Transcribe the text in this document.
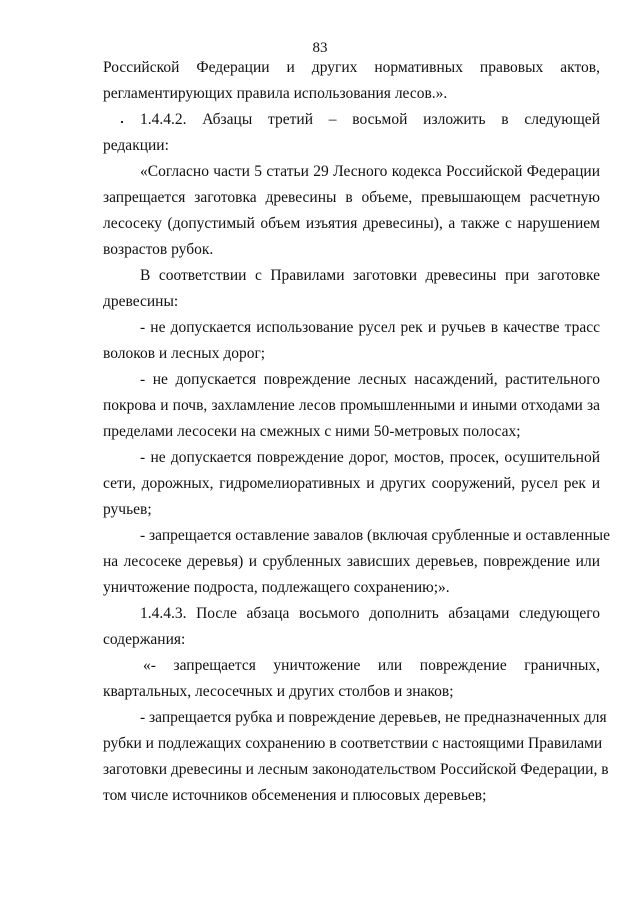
83
Российской Федерации и других нормативных правовых актов,
регламентирующих правила использования лесов.».
1.4.4.2. Абзацы третий – восьмой изложить в следующей
редакции:
«Согласно части 5 статьи 29 Лесного кодекса Российской Федерации
запрещается заготовка древесины в объеме, превышающем расчетную
лесосеку (допустимый объем изъятия древесины), а также с нарушением
возрастов рубок.
В соответствии с Правилами заготовки древесины при заготовке
древесины:
- не допускается использование русел рек и ручьев в качестве трасс
волоков и лесных дорог;
- не допускается повреждение лесных насаждений, растительного
покрова и почв, захламление лесов промышленными и иными отходами за
пределами лесосеки на смежных с ними 50-метровых полосах;
- не допускается повреждение дорог, мостов, просек, осушительной
сети, дорожных, гидромелиоративных и других сооружений, русел рек и
ручьев;
- запрещается оставление завалов (включая срубленные и оставленные
на лесосеке деревья) и срубленных зависших деревьев, повреждение или
уничтожение подроста, подлежащего сохранению;».
1.4.4.3. После абзаца восьмого дополнить абзацами следующего
содержания:
«- запрещается уничтожение или повреждение граничных,
квартальных, лесосечных и других столбов и знаков;
- запрещается рубка и повреждение деревьев, не предназначенных для
рубки и подлежащих сохранению в соответствии с настоящими Правилами
заготовки древесины и лесным законодательством Российской Федерации, в
том числе источников обсеменения и плюсовых деревьев;
